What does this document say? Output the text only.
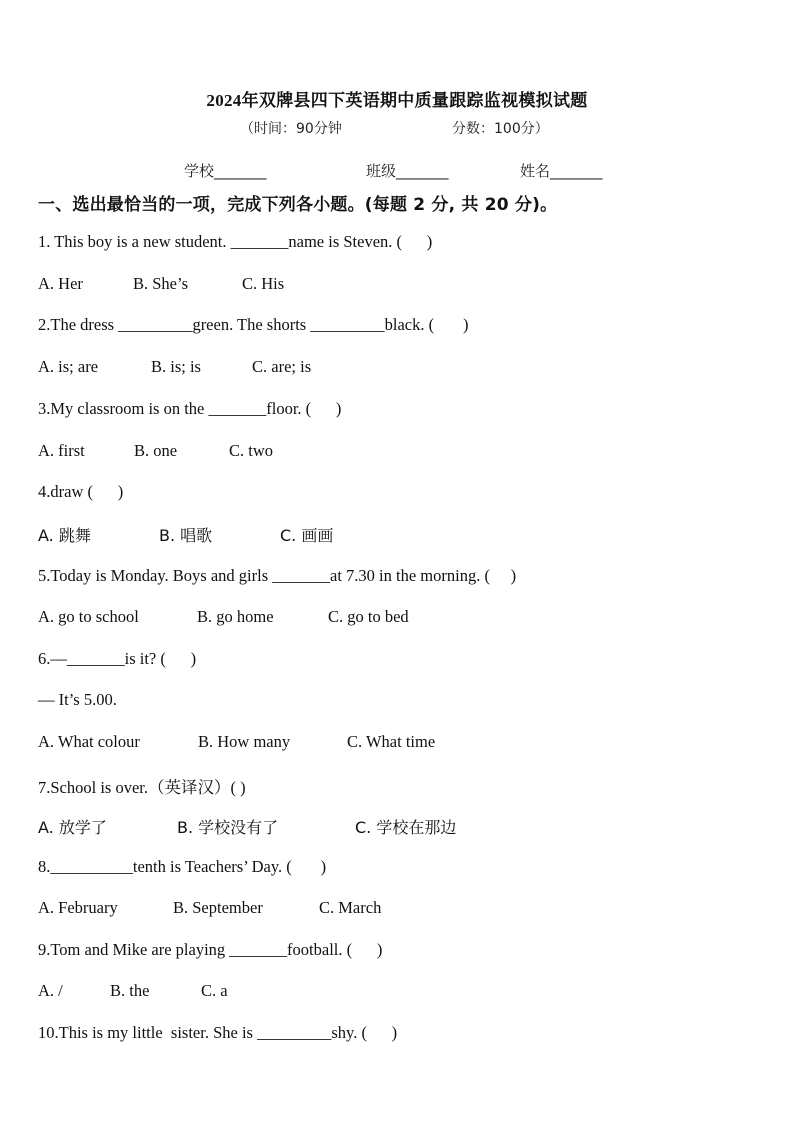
2024年双牌县四下英语期中质量跟踪监视模拟试题
（时间：90分钟	分数：100分）
学校_______	班级_______	姓名_______
一、选出最恰当的一项，完成下列各小题。(每题 2 分, 共 20 分)。
1. This boy is a new student. _______name is Steven. (      )
A. Her	B. She’s	C. His
2.The dress _________green. The shorts _________black. (       )
A. is; are	B. is; is	C. are; is
3.My classroom is on the _______floor. (      )
A. first	B. one	C. two
4.draw (      )
A. 跳舞	B. 唱歌	C. 画画
5.Today is Monday. Boys and girls _______at 7.30 in the morning. (     )
A. go to school	B. go home	C. go to bed
6.—_______is it? (      )
— It’s 5.00.
A. What colour	B. How many	C. What time
7.School is over.（英译汉）( )
A. 放学了	B. 学校没有了	C. 学校在那边
8.__________tenth is Teachers’ Day. (       )
A. February	B. September	C. March
9.Tom and Mike are playing _______football. (      )
A. /	B. the	C. a
10.This is my little  sister. She is _________shy. (      )
